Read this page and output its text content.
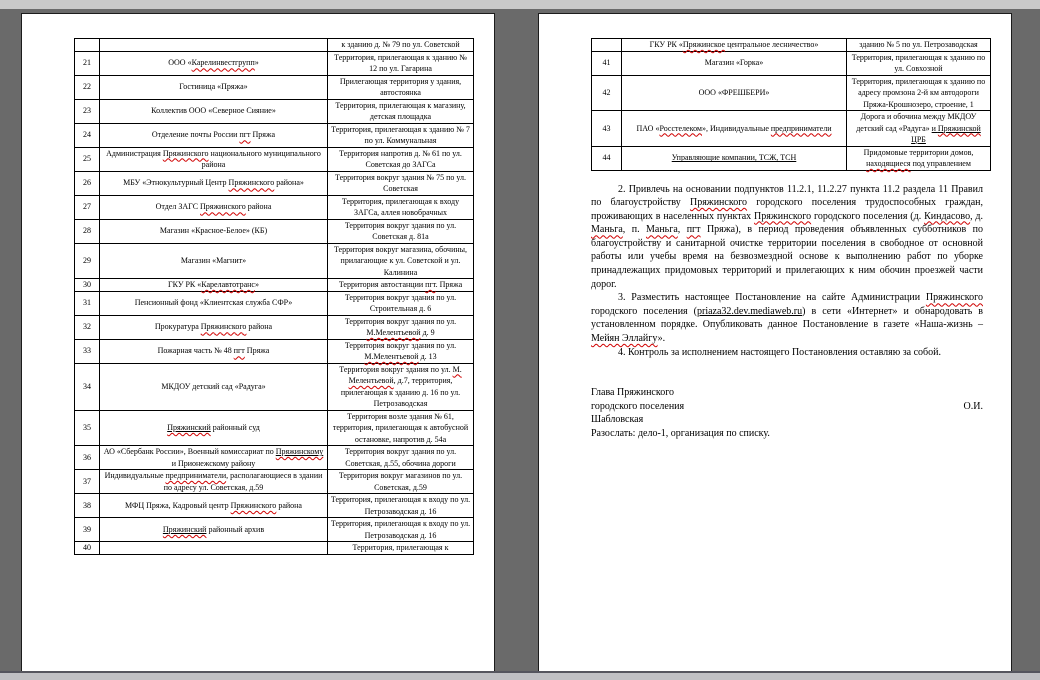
		к зданию д. № 79 по ул. Советской
21	ООО «Карелинвестгрупп»	Территория, прилегающая к зданию № 12 по ул. Гагарина
22	Гостиница «Пряжа»	Прилегающая территория у здания, автостоянка
23	Коллектив ООО «Северное Сияние»	Территория, прилегающая к магазину, детская площадка
24	Отделение почты России пгт Пряжа	Территория, прилегающая к зданию № 7 по ул. Коммунальная
25	Администрация Пряжинского национального муниципального района	Территория напротив д. № 61 по ул. Советская до ЗАГСа
26	МБУ «Этнокультурный Центр Пряжинского района»	Территория вокруг здания № 75 по ул. Советская
27	Отдел ЗАГС Пряжинского района	Территория, прилегающая к входу ЗАГСа, аллея новобрачных
28	Магазин «Красное-Белое» (КБ)	Территория вокруг здания по ул. Советская д. 81а
29	Магазин «Магнит»	Территория вокруг магазина, обочины, прилагающие к ул. Советской и ул. Калинина
30	ГКУ РК «Карелавтотранс»	Территория автостанции пгт. Пряжа
31	Пенсионный фонд «Клиентская служба СФР»	Территория вокруг здания по ул. Строительная д. 6
32	Прокуратура Пряжинского района	Территория вокруг здания по ул. М.Мелентьевой д. 9
33	Пожарная часть № 48 пгт Пряжа	Территория вокруг здания по ул. М.Мелентьевой д. 13
34	МКДОУ детский сад «Радуга»	Территория вокруг здания по ул. М. Мелентьевой, д.7, территория, прилегающая к зданию д. 16 по ул. Петрозаводская
35	Пряжинский районный суд	Территория возле здания № 61, территория, прилегающая к автобусной остановке, напротив д. 54а
36	АО «Сбербанк России», Военный комиссариат по Пряжинскому и Прионежскому району	Территория вокруг здания по ул. Советская, д.55, обочина дороги
37	Индивидуальные предприниматели, располагающиеся в здании по адресу ул. Советская, д.59	Территория вокруг магазинов по ул. Советская, д.59
38	МФЦ Пряжа, Кадровый центр Пряжинского района	Территория, прилегающая к входу по ул. Петрозаводская д. 16
39	Пряжинский районный архив	Территория, прилегающая к входу по ул. Петрозаводская д. 16
40		Территория, прилегающая к
	ГКУ РК «Пряжинское центральное лесничество»	зданию № 5 по ул. Петрозаводская
41	Магазин «Горка»	Территория, прилегающая к зданию по ул. Совхозной
42	ООО «ФРЕШБЕРИ»	Территория, прилегающая к зданию по адресу промзона 2-й км автодороги Пряжа-Крошнозеро, строение, 1
43	ПАО «Росстелеком», Индивидуальные предприниматели	Дорога и обочина между МКДОУ детский сад «Радуга» и Пряжинской ЦРБ
44	Управляющие компании, ТСЖ, ТСН	Придомовые территории домов, находящиеся под управлением

2. Привлечь на основании подпунктов 11.2.1, 11.2.27 пункта 11.2 раздела 11 Правил по благоустройству Пряжинского городского поселения трудоспособных граждан, проживающих в населенных пунктах Пряжинского городского поселения (д. Киндасово, д. Маньга, п. Маньга, пгт Пряжа), в период проведения объявленных субботников по благоустройству и санитарной очистке территории поселения в свободное от основной работы или учебы время на безвозмездной основе к выполнению работ по уборке принадлежащих придомовых территорий и прилегающих к ним обочин проезжей части дорог.

3. Разместить настоящее Постановление на сайте Администрации Пряжинского городского поселения (priaza32.dev.mediaweb.ru) в сети «Интернет» и обнародовать в установленном порядке. Опубликовать данное Постановление в газете «Наша-жизнь – Мейян Эллайгу».

4. Контроль за исполнением настоящего Постановления оставляю за собой.

Глава Пряжинского
городского поселения	О.И.
Шабловская
Разослать: дело-1, организация по списку.
